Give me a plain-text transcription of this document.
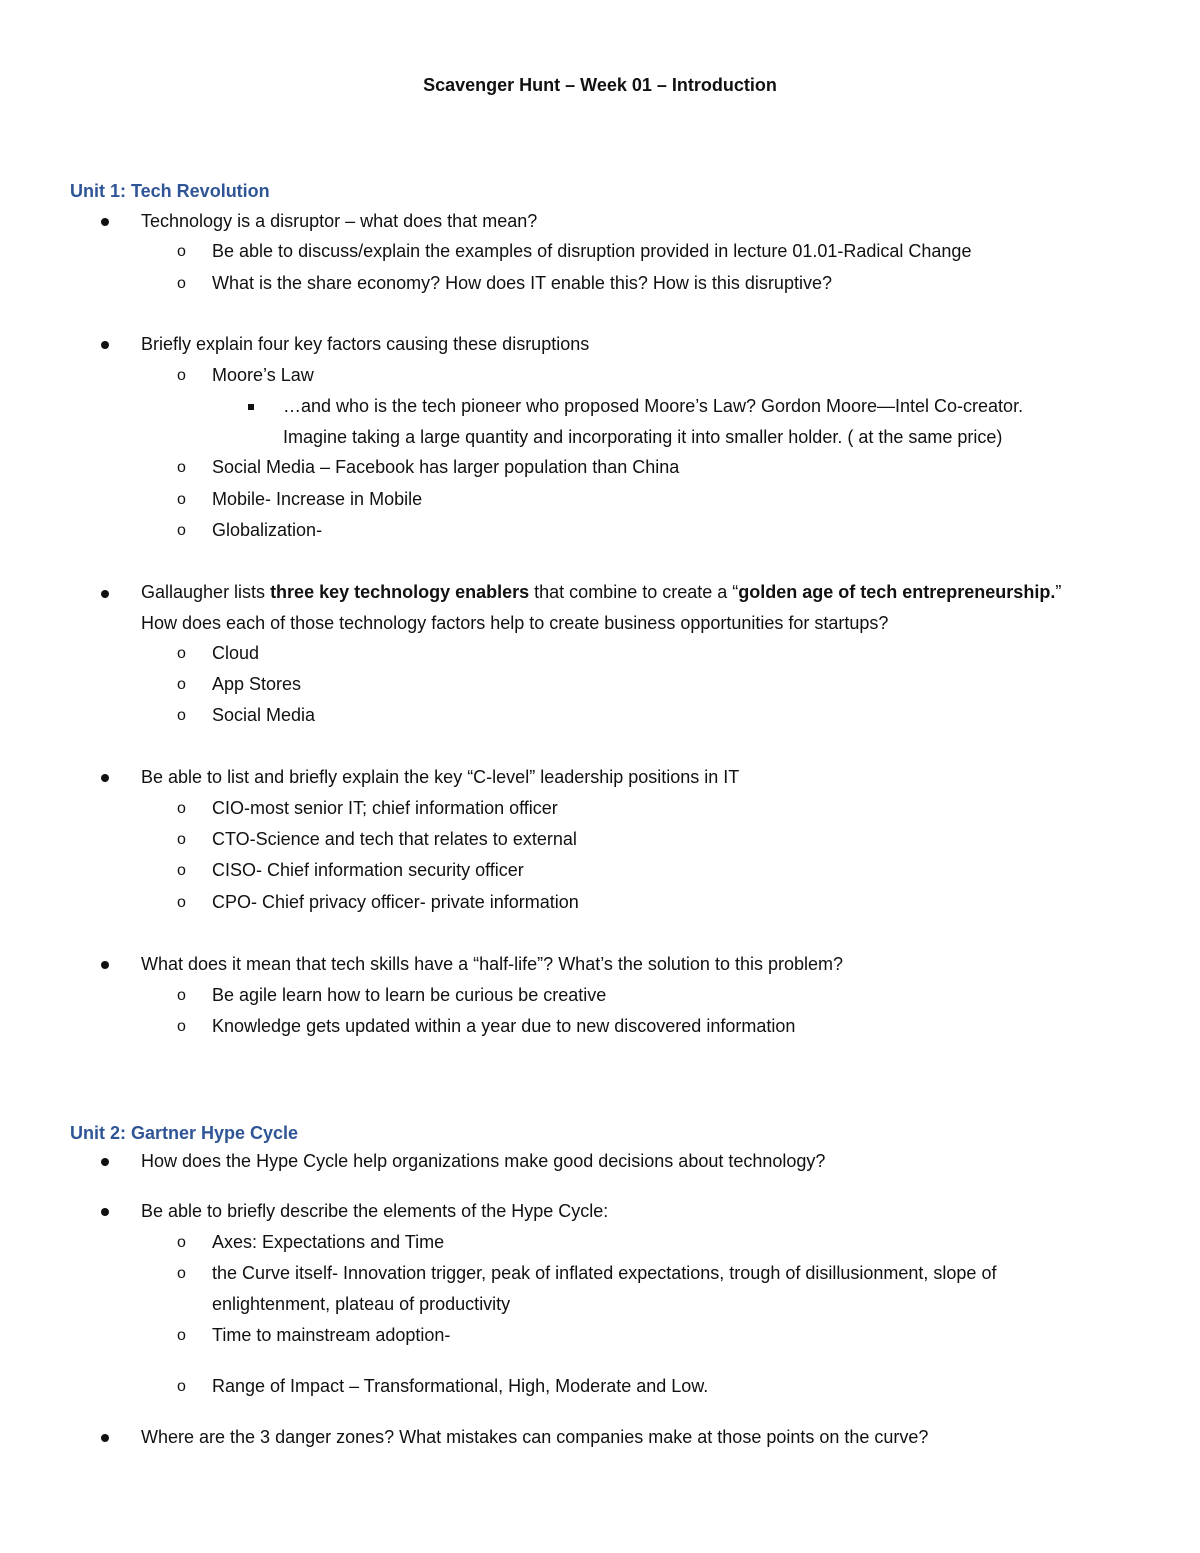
Scavenger Hunt – Week 01 – Introduction
Unit 1: Tech Revolution
Technology is a disruptor – what does that mean?
o Be able to discuss/explain the examples of disruption provided in lecture 01.01-Radical Change
o What is the share economy? How does IT enable this? How is this disruptive?
Briefly explain four key factors causing these disruptions
o Moore’s Law
…and who is the tech pioneer who proposed Moore’s Law? Gordon Moore—Intel Co-creator.
Imagine taking a large quantity and incorporating it into smaller holder. ( at the same price)
o Social Media – Facebook has larger population than China
o Mobile- Increase in Mobile
o Globalization-
Gallaugher lists three key technology enablers that combine to create a “golden age of tech entrepreneurship.”
How does each of those technology factors help to create business opportunities for startups?
o Cloud
o App Stores
o Social Media
Be able to list and briefly explain the key “C-level” leadership positions in IT
o CIO-most senior IT; chief information officer
o CTO-Science and tech that relates to external
o CISO- Chief information security officer
o CPO- Chief privacy officer- private information
What does it mean that tech skills have a “half-life”? What’s the solution to this problem?
o Be agile learn how to learn be curious be creative
o Knowledge gets updated within a year due to new discovered information
Unit 2: Gartner Hype Cycle
How does the Hype Cycle help organizations make good decisions about technology?
Be able to briefly describe the elements of the Hype Cycle:
o Axes: Expectations and Time
o the Curve itself- Innovation trigger, peak of inflated expectations, trough of disillusionment, slope of
enlightenment, plateau of productivity
o Time to mainstream adoption-
o Range of Impact – Transformational, High, Moderate and Low.
Where are the 3 danger zones? What mistakes can companies make at those points on the curve?
